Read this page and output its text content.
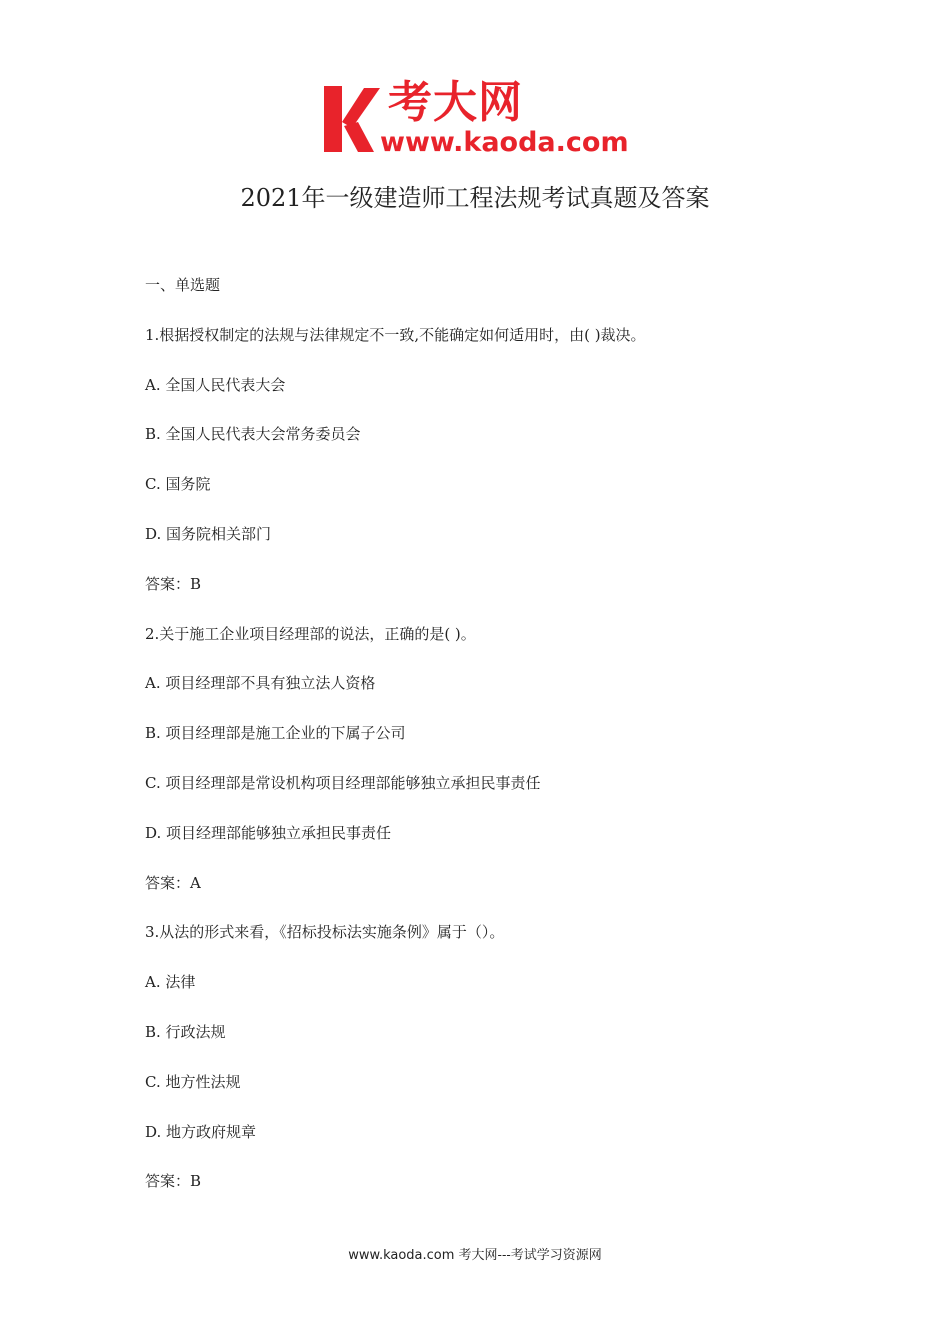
考大网
www.kaoda.com
2021年一级建造师工程法规考试真题及答案
一、单选题
1.根据授权制定的法规与法律规定不一致,不能确定如何适用时，由( )裁决。
A. 全国人民代表大会
B. 全国人民代表大会常务委员会
C. 国务院
D. 国务院相关部门
答案：B
2.关于施工企业项目经理部的说法，正确的是( )。
A. 项目经理部不具有独立法人资格
B. 项目经理部是施工企业的下属子公司
C. 项目经理部是常设机构项目经理部能够独立承担民事责任
D. 项目经理部能够独立承担民事责任
答案：A
3.从法的形式来看，《招标投标法实施条例》属于（）。
A. 法律
B. 行政法规
C. 地方性法规
D. 地方政府规章
答案：B
www.kaoda.com 考大网---考试学习资源网
